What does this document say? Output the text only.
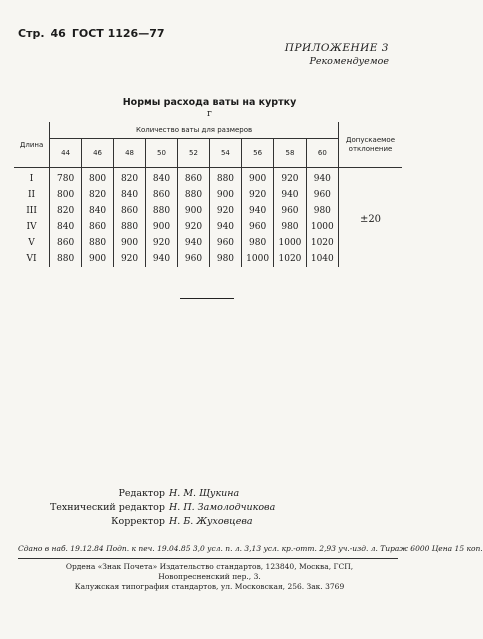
Стр. 46 ГОСТ 1126—77
ПРИЛОЖЕНИЕ 3
Рекомендуемое
Нормы расхода ваты на куртку
г
Длина	Количество ваты для размеров									Допускаемое отклонение
	44	46	48	50	52	54	56	58	60	
I	780	800	820	840	860	880	900	920	940	±20
II	800	820	840	860	880	900	920	940	960	
III	820	840	860	880	900	920	940	960	980	
IV	840	860	880	900	920	940	960	980	1000	
V	860	880	900	920	940	960	980	1000	1020	
VI	880	900	920	940	960	980	1000	1020	1040	
Редактор Н. М. Щукина
Технический редактор Н. П. Замолодчикова
Корректор Н. Б. Жуховцева
Сдано в наб. 19.12.84 Подп. к печ. 19.04.85 3,0 усл. п. л. 3,13 усл. кр.-отт. 2,93 уч.-изд. л. Тираж 6000 Цена 15 коп.
Ордена «Знак Почета» Издательство стандартов, 123840, Москва, ГСП,
Новопресненский пер., 3.
Калужская типография стандартов, ул. Московская, 256. Зак. 3769
